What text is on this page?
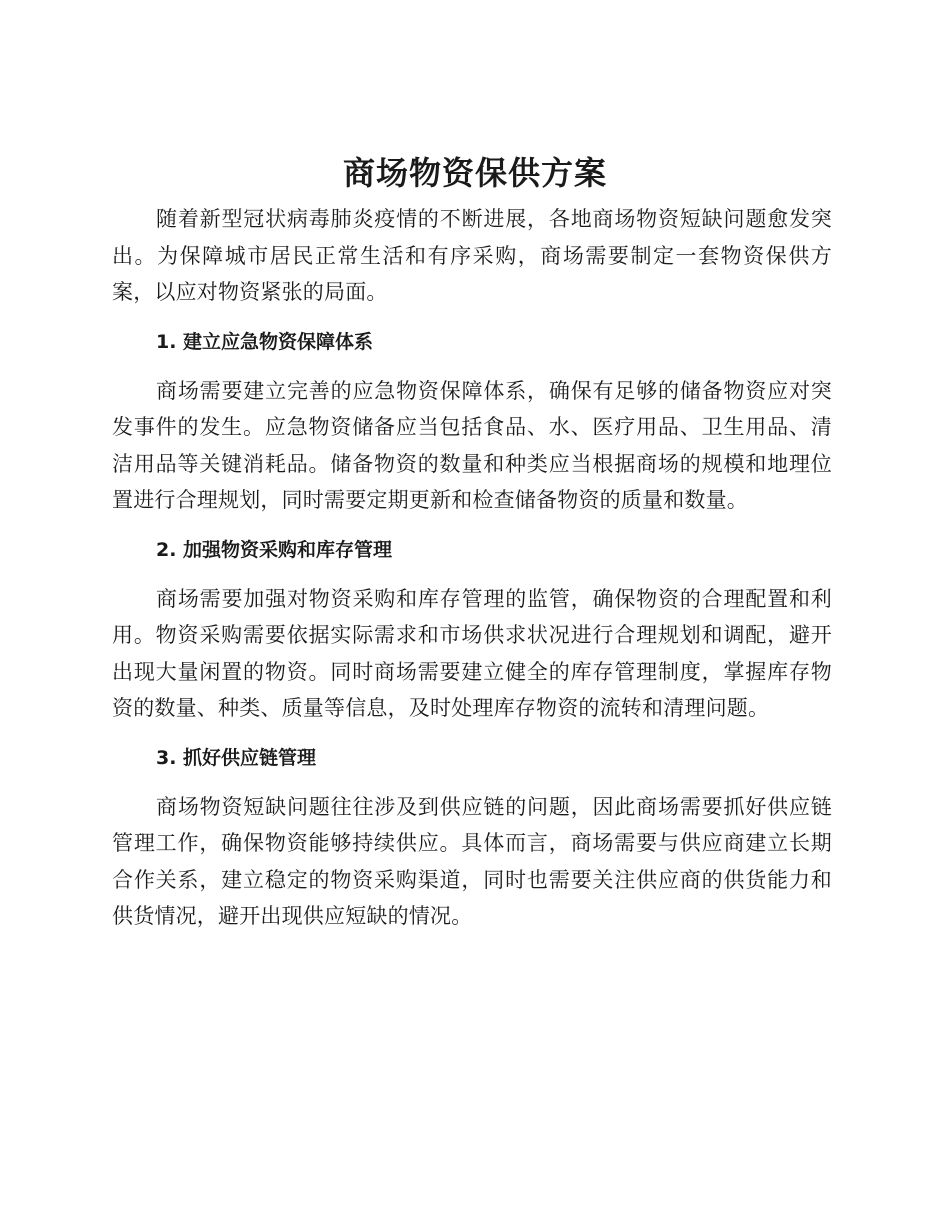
商场物资保供方案

随着新型冠状病毒肺炎疫情的不断进展，各地商场物资短缺问题愈发突出。为保障城市居民正常生活和有序采购，商场需要制定一套物资保供方案，以应对物资紧张的局面。

1. 建立应急物资保障体系

商场需要建立完善的应急物资保障体系，确保有足够的储备物资应对突发事件的发生。应急物资储备应当包括食品、水、医疗用品、卫生用品、清洁用品等关键消耗品。储备物资的数量和种类应当根据商场的规模和地理位置进行合理规划，同时需要定期更新和检查储备物资的质量和数量。

2. 加强物资采购和库存管理

商场需要加强对物资采购和库存管理的监管，确保物资的合理配置和利用。物资采购需要依据实际需求和市场供求状况进行合理规划和调配，避开出现大量闲置的物资。同时商场需要建立健全的库存管理制度，掌握库存物资的数量、种类、质量等信息，及时处理库存物资的流转和清理问题。

3. 抓好供应链管理

商场物资短缺问题往往涉及到供应链的问题，因此商场需要抓好供应链管理工作，确保物资能够持续供应。具体而言，商场需要与供应商建立长期合作关系，建立稳定的物资采购渠道，同时也需要关注供应商的供货能力和供货情况，避开出现供应短缺的情况。
